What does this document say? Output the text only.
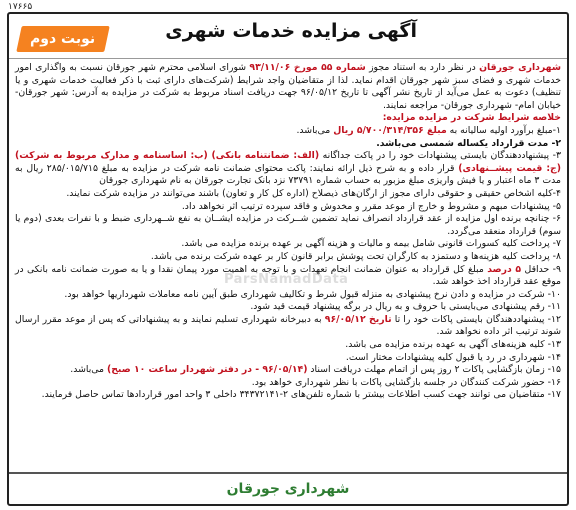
۱۷۶۶۵
آگهی مزایده خدمات شهری
نوبت دوم

شهرداری جورقان در نظر دارد به استناد مجوز شماره ۵۵ مورخ ۹۳/۱۱/۰۶ شورای اسلامی محترم شهر جورقان نسبت به واگذاری امور خدمات شهری و فضای سبز شهر جورقان اقدام نماید. لذا از متقاضیان واجد شرایط (شرکت‌های دارای ثبت با ذکر فعالیت خدمات شهری و یا تنظیف) دعوت به عمل می‌آید از تاریخ نشر آگهی تا تاریخ ۹۶/۰۵/۱۲ جهت دریافت اسناد مربوط به شرکت در مزایده به آدرس: شهر جورقان- خیابان امام- شهرداری جورقان- مراجعه نمایند.

خلاصه شرایط شرکت در مزایده مزایده:

۱-مبلغ برآورد اولیه سالیانه به مبلغ ۵/۷۰۰/۳۱۴/۳۵۶ ریال می‌باشد.

۲- مدت قرارداد یکساله شمسی می‌باشد.

۳- پیشنهاددهندگان بایستی پیشنهادات خود را در پاکت جداگانه (الف: ضمانتنامه بانکی) (ب: اساسنامه و مدارک مربوط به شرکت) (ج: قیمت پیشــنهادی) قرار داده و به شرح ذیل ارائه نمایند: پاکت محتوای ضمانت نامه شرکت در مزایده به مبلغ ۲۸۵/۰۱۵/۷۱۵ ریال به مدت ۳ ماه اعتبار و یا فیش واریزی مبلغ مزبور به حساب شماره ۷۳۷۹۱ نزد بانک تجارت جورقان به نام شهرداری جورقان

۴-کلیه اشخاص حقیقی و حقوقی دارای مجوز از ارگان‌های ذیصلاح (اداره کل کار و تعاون) باشند می‌توانند در مزایده شرکت نمایند.

۵- پیشنهادات مبهم و مشروط و خارج از موعد مقرر و مخدوش و فاقد سپرده ترتیب اثر نخواهد داد.

۶- چنانچه برنده اول مزایده از عقد قرارداد انصراف نماید تضمین شــرکت در مزایده ایشــان به نفع شــهرداری ضبط و با نفرات بعدی (دوم یا سوم) قرارداد منعقد می‌گردد.

۷- پرداخت کلیه کسورات قانونی شامل بیمه و مالیات و هزینه آگهی بر عهده برنده مزایده می باشد.

۸- پرداخت کلیه هزینه‌ها و دستمزد به کارگران تحت پوشش برابر قانون کار بر عهده شرکت برنده می باشد.

۹- حداقل ۵ درصد مبلغ کل قرارداد به عنوان ضمانت انجام تعهدات و با توجه به اهمیت مورد پیمان نقدا و یا به صورت ضمانت نامه بانکی در موقع عقد قرارداد اخذ خواهد شد.

۱۰- شرکت در مزایده و دادن نرخ پیشنهادی به منزله قبول شرط و تکالیف شهرداری طبق آیین نامه معاملات شهرداریها خواهد بود.

۱۱- رقم پیشنهادی می‌بایستی با حروف و به ریال در برگه پیشنهاد قیمت قید شود.

۱۲- پیشنهاددهندگان بایستی پاکات خود را تا تاریخ ۹۶/۰۵/۱۲ به دبیرخانه شهرداری تسلیم نمایند و به پیشنهاداتی که پس از موعد مقرر ارسال شوند ترتیب اثر داده نخواهد شد.

۱۳- کلیه هزینه‌های آگهی به عهده برنده مزایده می باشد.

۱۴- شهرداری در رد یا قبول کلیه پیشنهادات مختار است.

۱۵- زمان بازگشایی پاکات ۲ روز پس از اتمام مهلت دریافت اسناد (۹۶/۰۵/۱۴ - در دفتر شهردار ساعت ۱۰ صبح) می‌باشد.

۱۶- حضور شرکت کنندگان در جلسه بازگشایی پاکات با نظر شهرداری خواهد بود.

۱۷- متقاضیان می توانند جهت کسب اطلاعات بیشتر با شماره تلفن‌های ۲-۳۴۳۷۲۱۴۱ داخلی ۳ واحد امور قراردادها تماس حاصل فرمایند.

ParsNamadData
شهرداری جورقان
